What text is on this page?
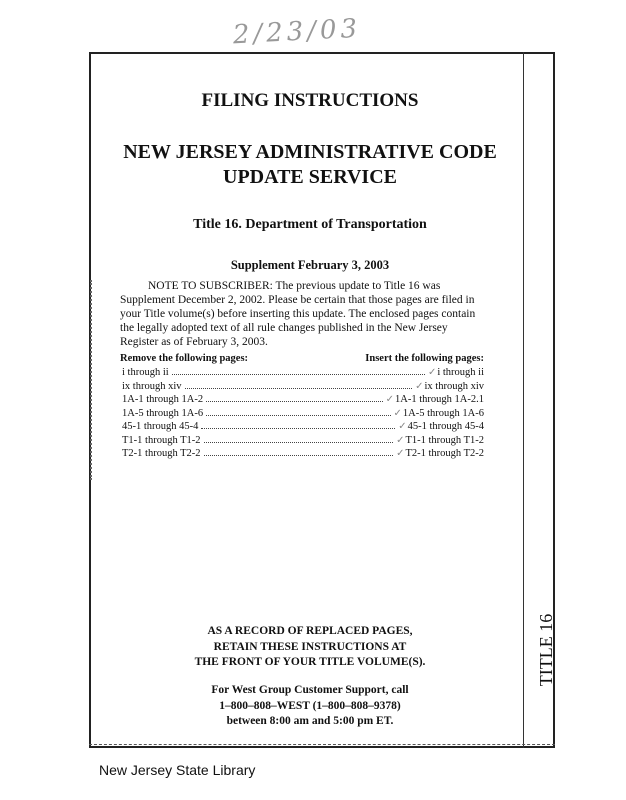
2/23/03
TITLE 16
FILING INSTRUCTIONS
NEW JERSEY ADMINISTRATIVE CODE
UPDATE SERVICE
Title 16. Department of Transportation
Supplement February 3, 2003
NOTE TO SUBSCRIBER: The previous update to Title 16 was
Supplement December 2, 2002. Please be certain that those pages are filed in
your Title volume(s) before inserting this update. The enclosed pages contain
the legally adopted text of all rule changes published in the New Jersey
Register as of February 3, 2003.
Remove the following pages:	Insert the following pages:
i through ii	✓ i through ii
ix through xiv	✓ ix through xiv
1A-1 through 1A-2	✓ 1A-1 through 1A-2.1
1A-5 through 1A-6	✓ 1A-5 through 1A-6
45-1 through 45-4	✓ 45-1 through 45-4
T1-1 through T1-2	✓ T1-1 through T1-2
T2-1 through T2-2	✓ T2-1 through T2-2
AS A RECORD OF REPLACED PAGES,
RETAIN THESE INSTRUCTIONS AT
THE FRONT OF YOUR TITLE VOLUME(S).
For West Group Customer Support, call
1–800–808–WEST (1–800–808–9378)
between 8:00 am and 5:00 pm ET.
New Jersey State Library
